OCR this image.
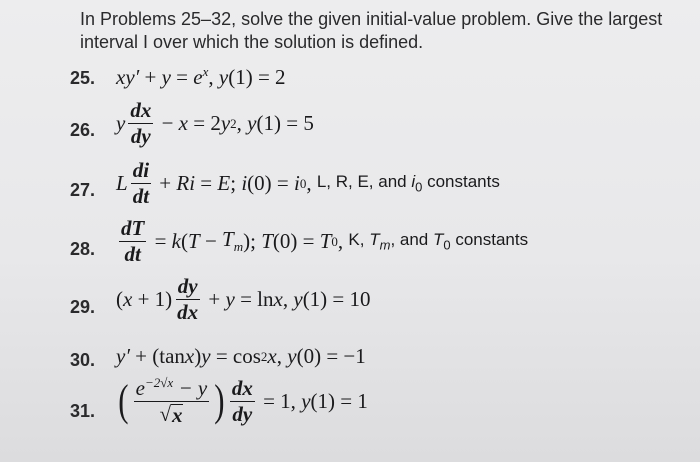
In Problems 25–32, solve the given initial-value problem. Give the largest interval I over which the solution is defined.
25. $xy' + y = e^x$ , y (1) = 2
26. y $\frac{dx}{dy} - x = 2$ y 2 , y (1) = 5
27. L $\frac{di}{dt} + Ri = E$ ; i (0) = i 0 , L, R, E, and $i_0$ constants
28.	$\frac{dT}{dt} = k$ ( $T - T_m$ ); T (0) = T 0 , K, $T_m$, and $T_0$ constants
29. ( $x + 1) \frac{dy}{dx} + y = \ln x$ , y (1) = 10
30. y′ + (tan x ) y = cos 2 x , y (0) = −1
31. ( $\frac{e^{-2√x} - y}{√ x}$ ) $\frac{dx}{dy} = 1$, y (1) = 1
